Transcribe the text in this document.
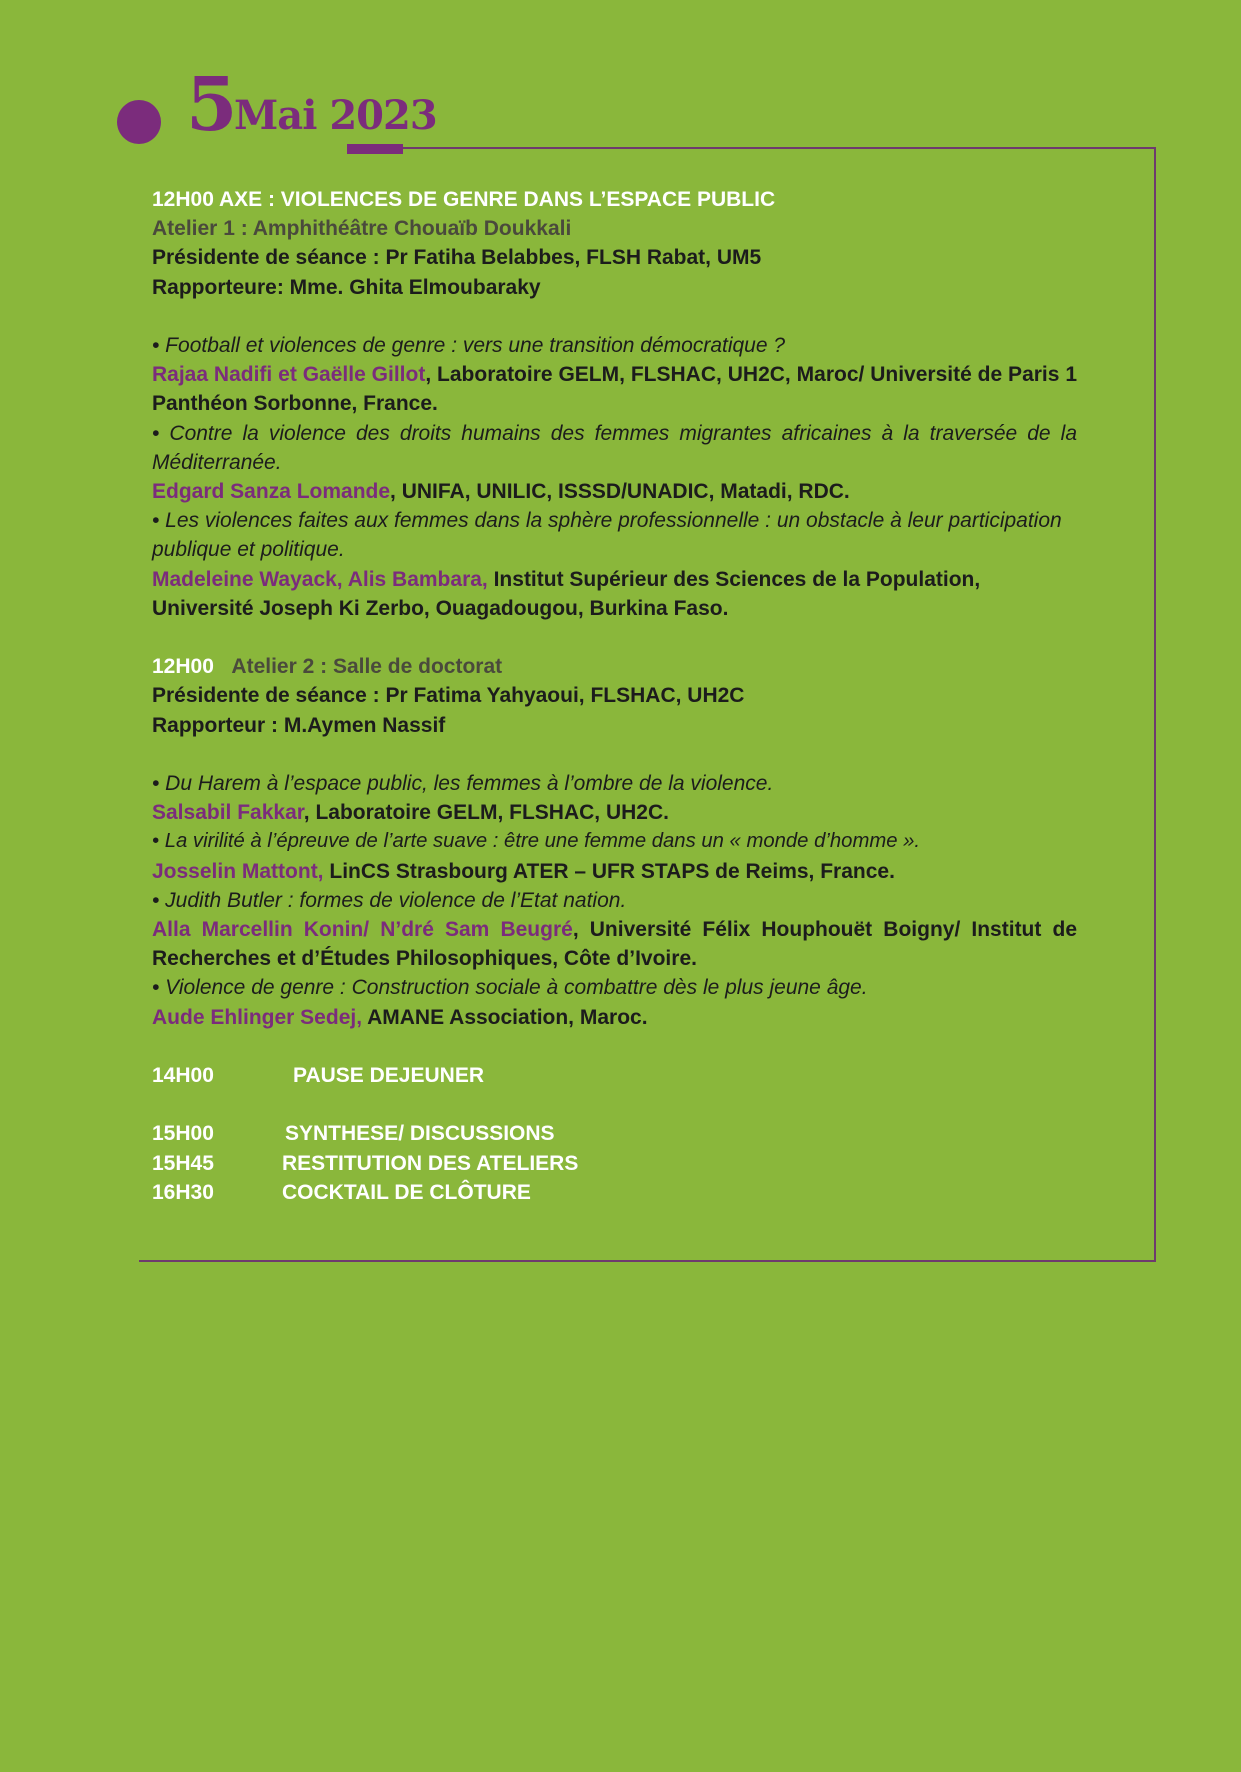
5
Mai 2023

12H00 AXE : VIOLENCES DE GENRE DANS L’ESPACE PUBLIC

Atelier 1 : Amphithéâtre Chouaïb Doukkali

Présidente de séance : Pr Fatiha Belabbes, FLSH Rabat, UM5

Rapporteure: Mme. Ghita Elmoubaraky

• Football et violences de genre : vers une transition démocratique ?

Rajaa Nadifi et Gaëlle Gillot, Laboratoire GELM, FLSHAC, UH2C, Maroc/ Université de Paris 1 Panthéon Sorbonne, France.

• Contre la violence des droits humains des femmes migrantes africaines à la traversée de la Méditerranée.

Edgard Sanza Lomande, UNIFA, UNILIC, ISSSD/UNADIC, Matadi, RDC.

• Les violences faites aux femmes dans la sphère professionnelle : un obstacle à leur participation publique et politique.

Madeleine Wayack, Alis Bambara, Institut Supérieur des Sciences de la Population, Université Joseph Ki Zerbo, Ouagadougou, Burkina Faso.

12H00 Atelier 2 : Salle de doctorat

Présidente de séance : Pr Fatima Yahyaoui, FLSHAC, UH2C

Rapporteur : M.Aymen Nassif

• Du Harem à l’espace public, les femmes à l’ombre de la violence.

Salsabil Fakkar, Laboratoire GELM, FLSHAC, UH2C.

• La virilité à l’épreuve de l’arte suave : être une femme dans un « monde d’homme ».

Josselin Mattont, LinCS Strasbourg ATER – UFR STAPS de Reims, France.

• Judith Butler : formes de violence de l’Etat nation.

Alla Marcellin Konin/ N’dré Sam Beugré, Université Félix Houphouët Boigny/ Institut de Recherches et d’Études Philosophiques, Côte d’Ivoire.

• Violence de genre : Construction sociale à combattre dès le plus jeune âge.

Aude Ehlinger Sedej, AMANE Association, Maroc.

14H00	PAUSE DEJEUNER
15H00	SYNTHESE/ DISCUSSIONS
15H45	RESTITUTION DES ATELIERS
16H30	COCKTAIL DE CLÔTURE
